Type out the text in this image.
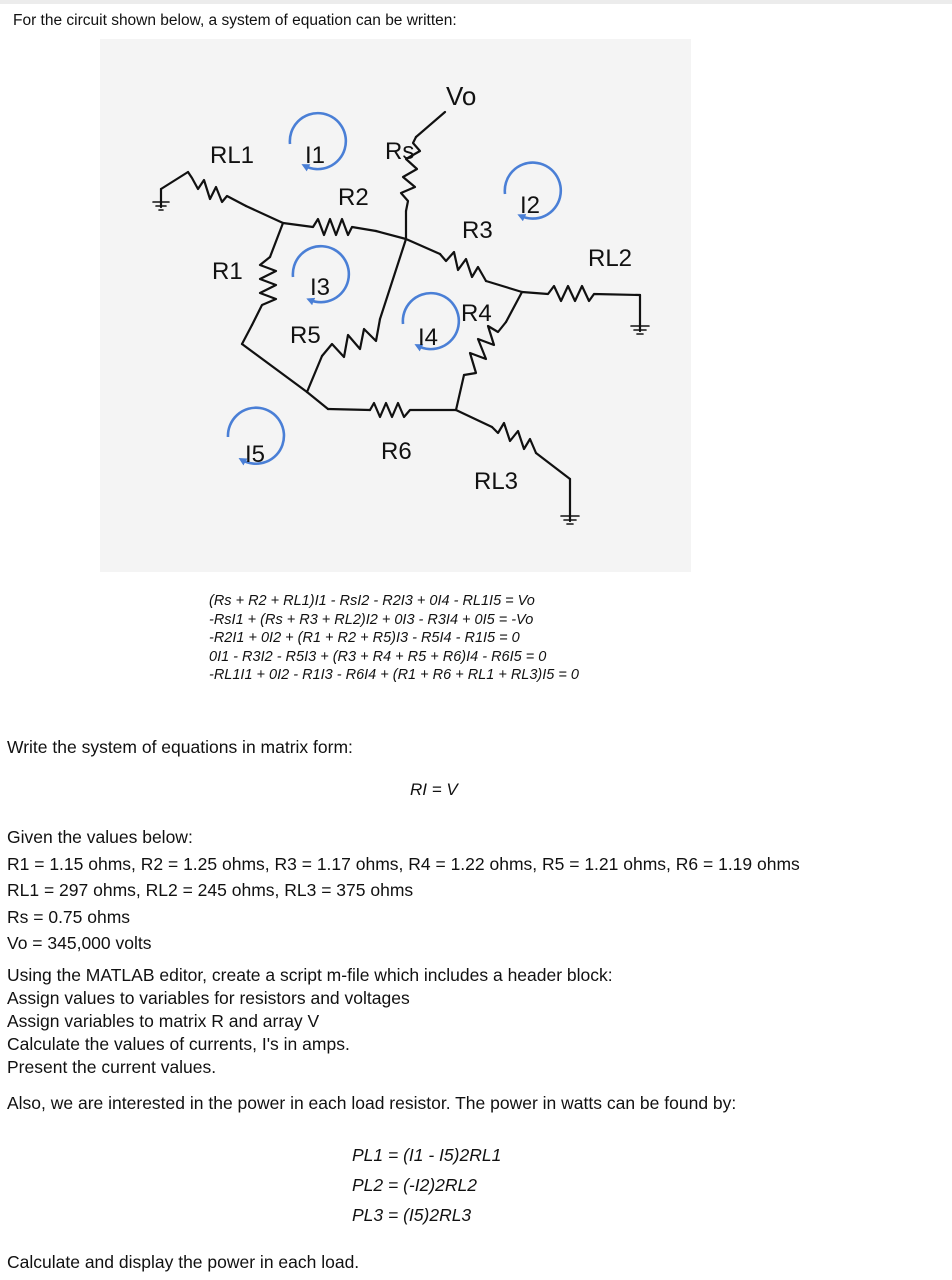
For the circuit shown below, a system of equation can be written:
Vo
RL1 I1 Rs
R2	I2
R3
RL2
R1
I3
R4
R5	I4
I5	R6
RL3
(Rs + R2 + RL1)I1 - RsI2 - R2I3 + 0I4 - RL1I5 = Vo
-RsI1 + (Rs + R3 + RL2)I2 + 0I3 - R3I4 + 0I5 = -Vo
-R2I1 + 0I2 + (R1 + R2 + R5)I3 - R5I4 - R1I5 = 0
0I1 - R3I2 - R5I3 + (R3 + R4 + R5 + R6)I4 - R6I5 = 0
-RL1I1 + 0I2 - R1I3 - R6I4 + (R1 + R6 + RL1 + RL3)I5 = 0
Write the system of equations in matrix form:
RI = V
Given the values below:
R1 = 1.15 ohms, R2 = 1.25 ohms, R3 = 1.17 ohms, R4 = 1.22 ohms, R5 = 1.21 ohms, R6 = 1.19 ohms
RL1 = 297 ohms, RL2 = 245 ohms, RL3 = 375 ohms
Rs = 0.75 ohms
Vo = 345,000 volts
Using the MATLAB editor, create a script m-file which includes a header block:
Assign values to variables for resistors and voltages
Assign variables to matrix R and array V
Calculate the values of currents, I's in amps.
Present the current values.
Also, we are interested in the power in each load resistor. The power in watts can be found by:
PL1 = (I1 - I5)2RL1
PL2 = (-I2)2RL2
PL3 = (I5)2RL3
Calculate and display the power in each load.
